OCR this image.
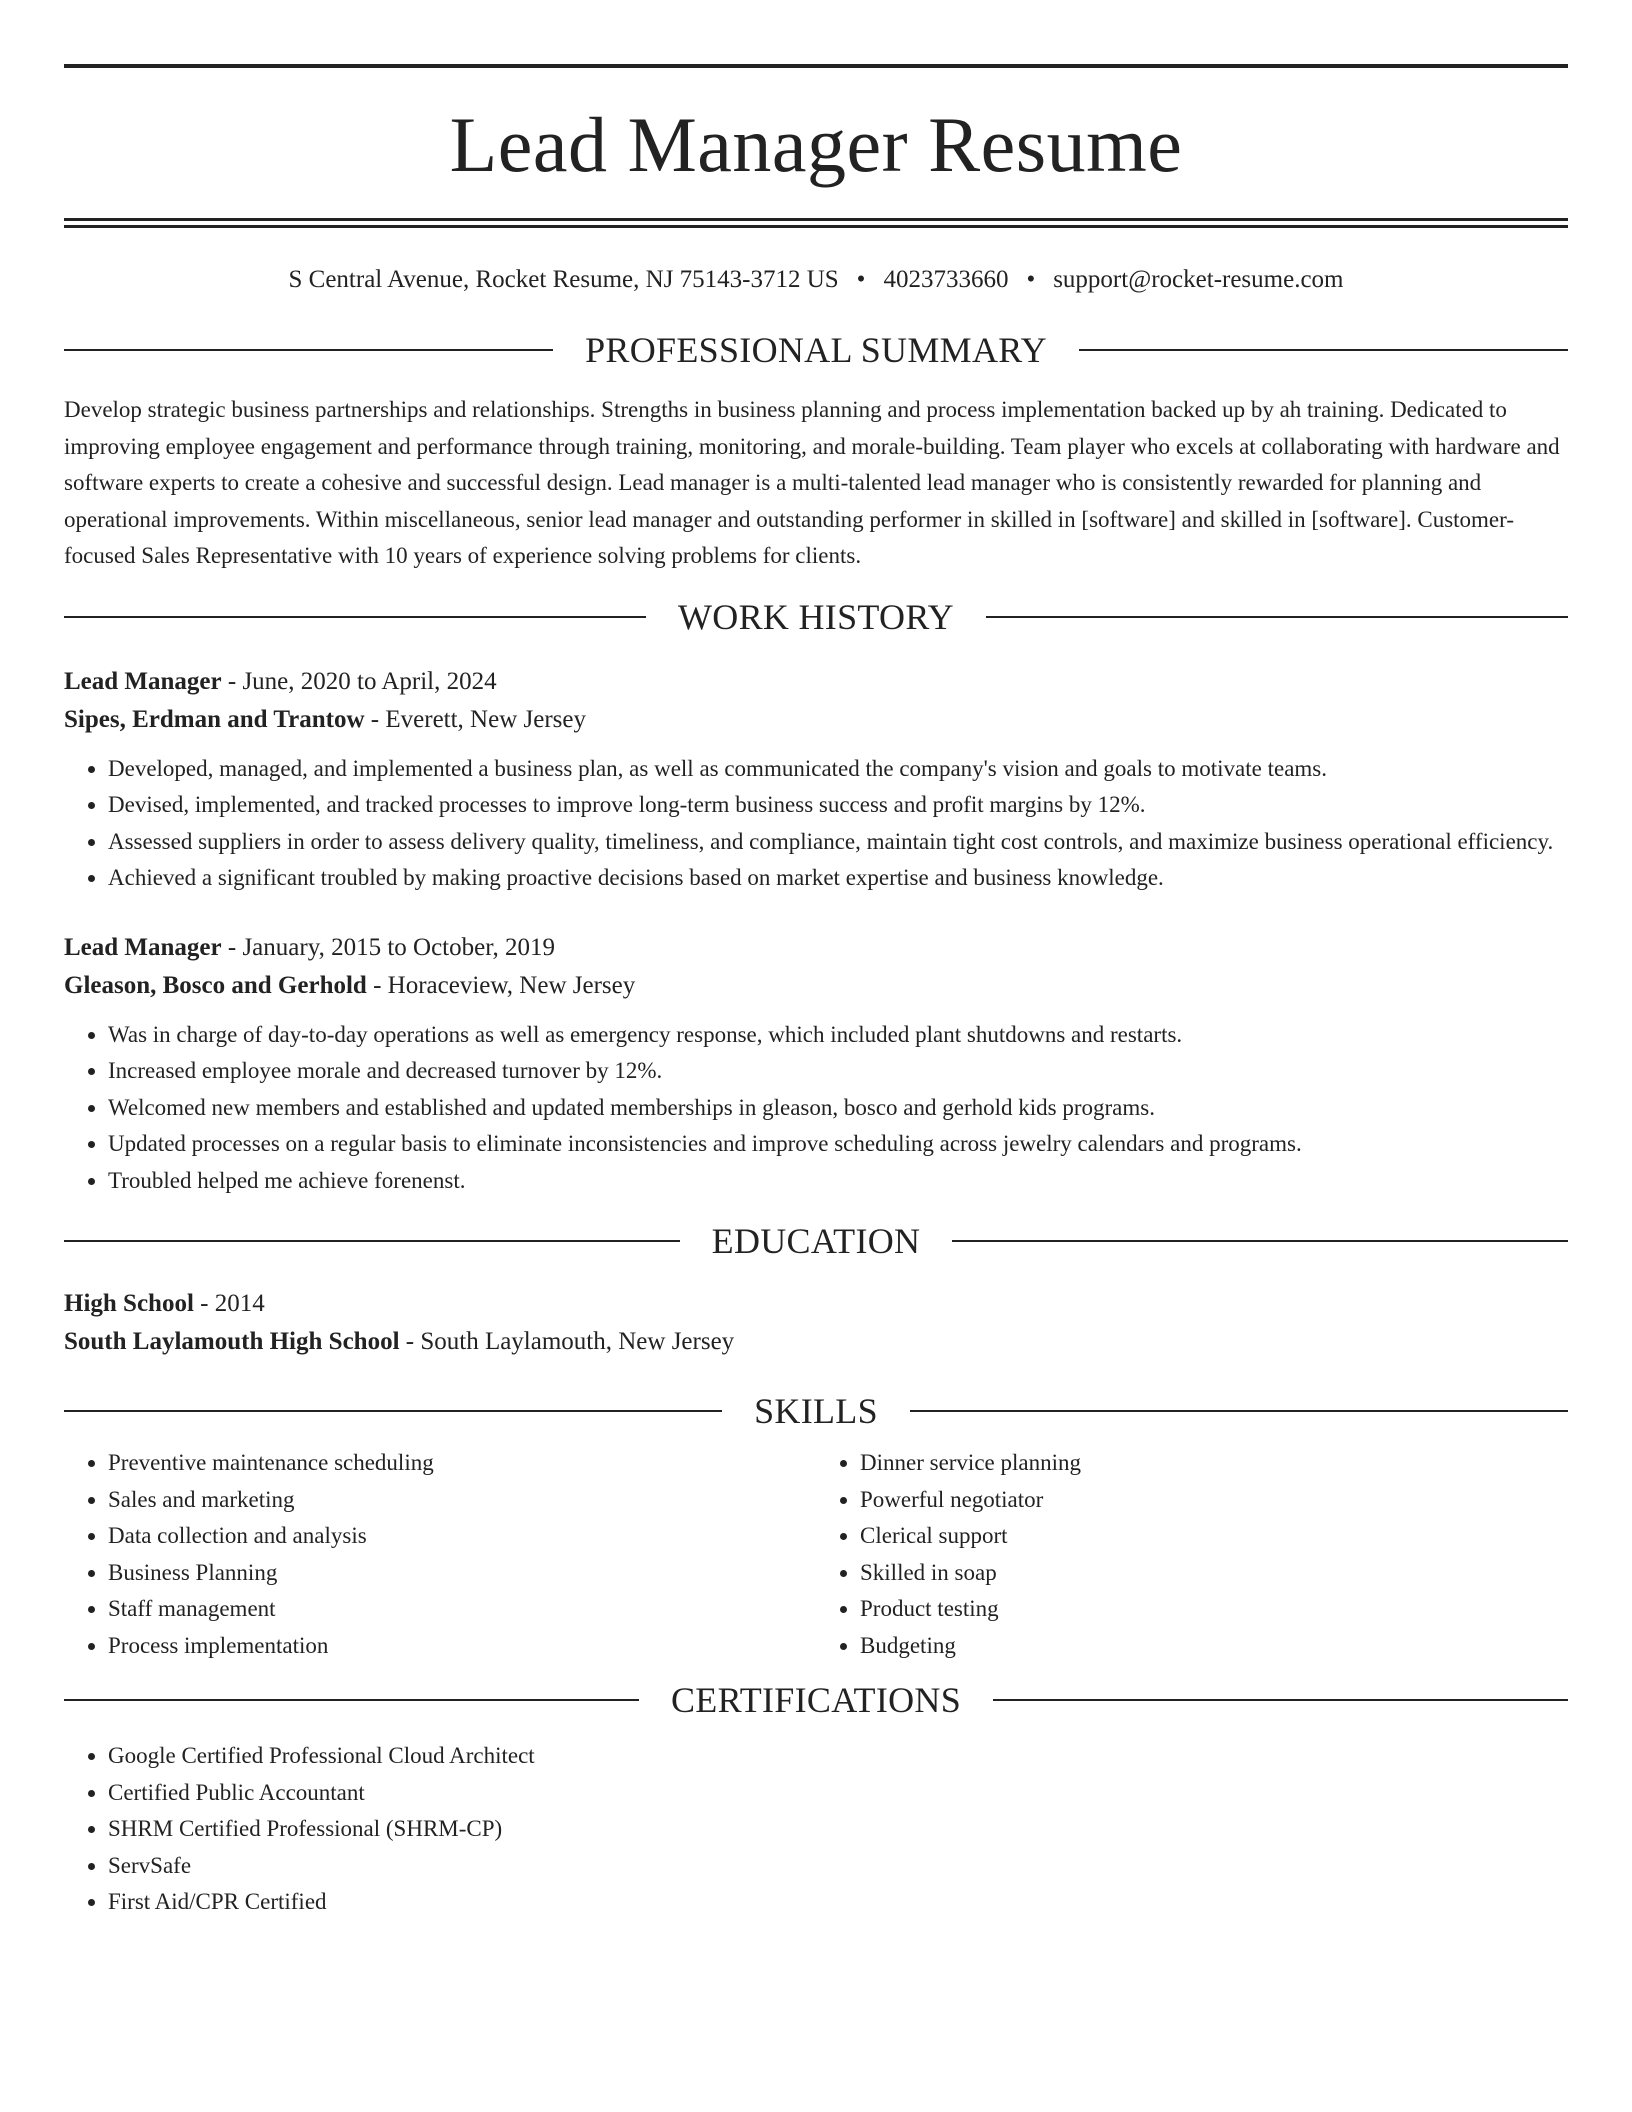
Lead Manager Resume
S Central Avenue, Rocket Resume, NJ 75143-3712 US • 4023733660 • support@rocket-resume.com
PROFESSIONAL SUMMARY
Develop strategic business partnerships and relationships. Strengths in business planning and process implementation backed up by ah training. Dedicated to improving employee engagement and performance through training, monitoring, and morale-building. Team player who excels at collaborating with hardware and software experts to create a cohesive and successful design. Lead manager is a multi-talented lead manager who is consistently rewarded for planning and operational improvements. Within miscellaneous, senior lead manager and outstanding performer in skilled in [software] and skilled in [software]. Customer-focused Sales Representative with 10 years of experience solving problems for clients.
WORK HISTORY
Lead Manager - June, 2020 to April, 2024
Sipes, Erdman and Trantow - Everett, New Jersey
• Developed, managed, and implemented a business plan, as well as communicated the company's vision and goals to motivate teams.
• Devised, implemented, and tracked processes to improve long-term business success and profit margins by 12%.
• Assessed suppliers in order to assess delivery quality, timeliness, and compliance, maintain tight cost controls, and maximize business operational efficiency.
• Achieved a significant troubled by making proactive decisions based on market expertise and business knowledge.
Lead Manager - January, 2015 to October, 2019
Gleason, Bosco and Gerhold - Horaceview, New Jersey
• Was in charge of day-to-day operations as well as emergency response, which included plant shutdowns and restarts.
• Increased employee morale and decreased turnover by 12%.
• Welcomed new members and established and updated memberships in gleason, bosco and gerhold kids programs.
• Updated processes on a regular basis to eliminate inconsistencies and improve scheduling across jewelry calendars and programs.
• Troubled helped me achieve forenenst.
EDUCATION
High School - 2014
South Laylamouth High School - South Laylamouth, New Jersey
SKILLS
• Preventive maintenance scheduling
• Sales and marketing
• Data collection and analysis
• Business Planning
• Staff management
• Process implementation
• Dinner service planning
• Powerful negotiator
• Clerical support
• Skilled in soap
• Product testing
• Budgeting
CERTIFICATIONS
• Google Certified Professional Cloud Architect
• Certified Public Accountant
• SHRM Certified Professional (SHRM-CP)
• ServSafe
• First Aid/CPR Certified
